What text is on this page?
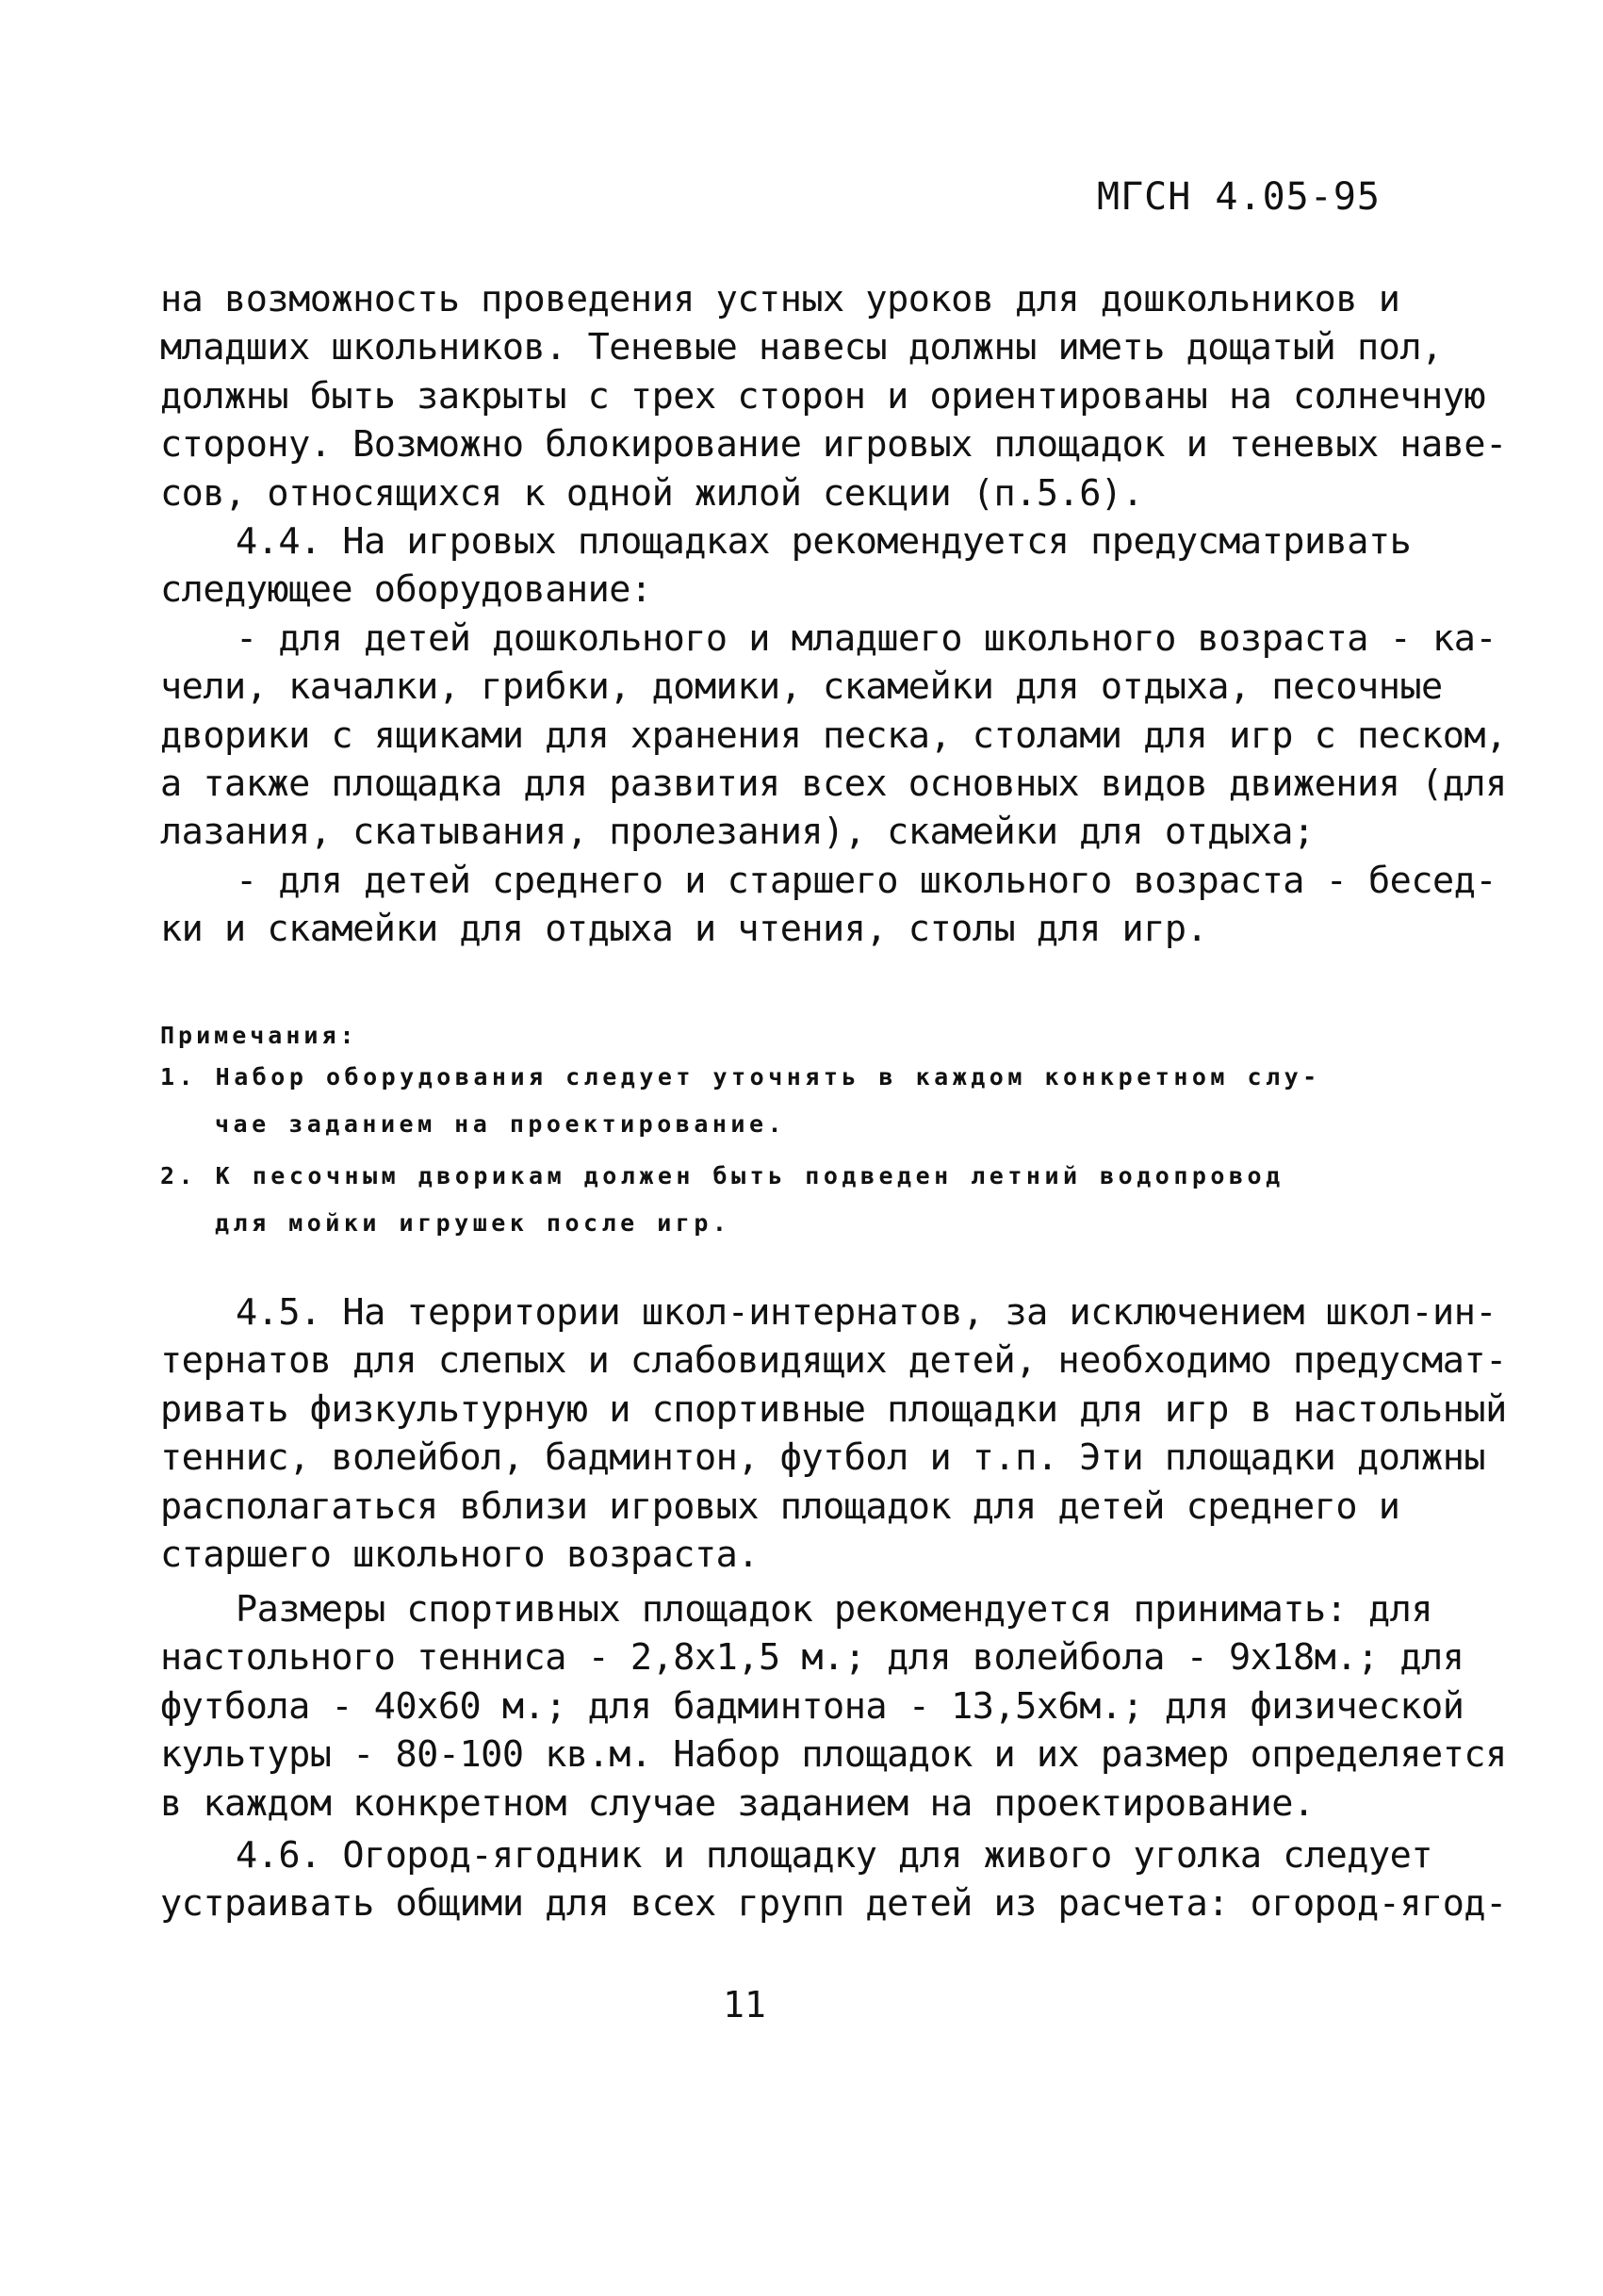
МГСН 4.05-95
на возможность проведения устных уроков для дошкольников и
младших школьников. Теневые навесы должны иметь дощатый пол,
должны быть закрыты с трех сторон и ориентированы на солнечную
сторону. Возможно блокирование игровых площадок и теневых наве-
сов, относящихся к одной жилой секции (п.5.6).
4.4. На игровых площадках рекомендуется предусматривать
следующее оборудование:
- для детей дошкольного и младшего школьного возраста - ка-
чели, качалки, грибки, домики, скамейки для отдыха, песочные
дворики с ящиками для хранения песка, столами для игр с песком,
а также площадка для развития всех основных видов движения (для
лазания, скатывания, пролезания), скамейки для отдыха;
- для детей среднего и старшего школьного возраста - бесед-
ки и скамейки для отдыха и чтения, столы для игр.
Примечания:
1. Набор оборудования следует уточнять в каждом конкретном слу-
чае заданием на проектирование.
2. К песочным дворикам должен быть подведен летний водопровод
для мойки игрушек после игр.
4.5. На территории школ-интернатов, за исключением школ-ин-
тернатов для слепых и слабовидящих детей, необходимо предусмат-
ривать физкультурную и спортивные площадки для игр в настольный
теннис, волейбол, бадминтон, футбол и т.п. Эти площадки должны
располагаться вблизи игровых площадок для детей среднего и
старшего школьного возраста.
Размеры спортивных площадок рекомендуется принимать: для
настольного тенниса - 2,8х1,5 м.; для волейбола - 9х18м.; для
футбола - 40х60 м.; для бадминтона - 13,5х6м.; для физической
культуры - 80-100 кв.м. Набор площадок и их размер определяется
в каждом конкретном случае заданием на проектирование.
4.6. Огород-ягодник и площадку для живого уголка следует
устраивать общими для всех групп детей из расчета: огород-ягод-
11
